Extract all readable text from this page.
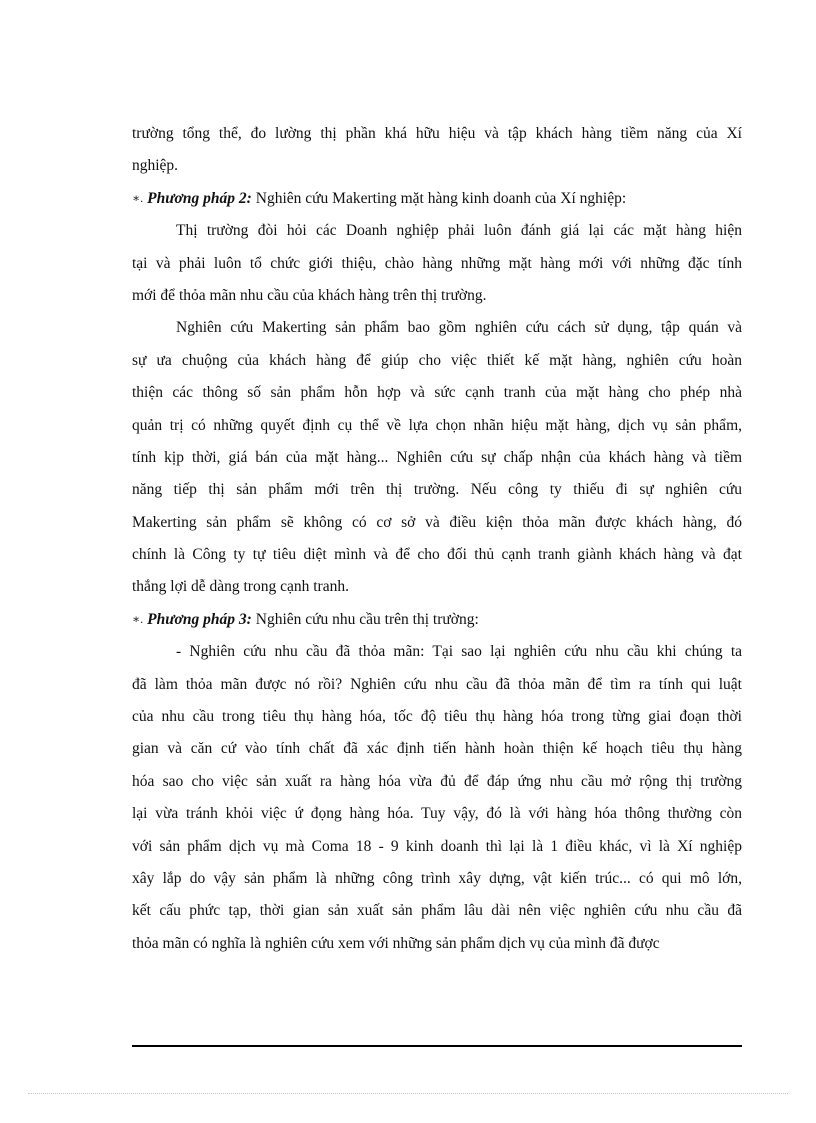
trường tổng thể, đo lường thị phần khá hữu hiệu và tập khách hàng tiềm năng của Xí
nghiệp.
∗. Phương pháp 2: Nghiên cứu Makerting mặt hàng kinh doanh của Xí nghiệp:
Thị trường đòi hỏi các Doanh nghiệp phải luôn đánh giá lại các mặt hàng hiện
tại và phải luôn tổ chức giới thiệu, chào hàng những mặt hàng mới với những đặc tính
mới để thỏa mãn nhu cầu của khách hàng trên thị trường.
Nghiên cứu Makerting sản phẩm bao gồm nghiên cứu cách sử dụng, tập quán và
sự ưa chuộng của khách hàng để giúp cho việc thiết kế mặt hàng, nghiên cứu hoàn
thiện các thông số sản phẩm hỗn hợp và sức cạnh tranh của mặt hàng cho phép nhà
quản trị có những quyết định cụ thể về lựa chọn nhãn hiệu mặt hàng, dịch vụ sản phẩm,
tính kịp thời, giá bán của mặt hàng... Nghiên cứu sự chấp nhận của khách hàng và tiềm
năng tiếp thị sản phẩm mới trên thị trường. Nếu công ty thiếu đi sự nghiên cứu
Makerting sản phẩm sẽ không có cơ sở và điều kiện thỏa mãn được khách hàng, đó
chính là Công ty tự tiêu diệt mình và để cho đối thủ cạnh tranh giành khách hàng và đạt
thắng lợi dễ dàng trong cạnh tranh.
∗. Phương pháp 3: Nghiên cứu nhu cầu trên thị trường:
- Nghiên cứu nhu cầu đã thỏa mãn: Tại sao lại nghiên cứu nhu cầu khi chúng ta
đã làm thỏa mãn được nó rồi? Nghiên cứu nhu cầu đã thỏa mãn để tìm ra tính qui luật
của nhu cầu trong tiêu thụ hàng hóa, tốc độ tiêu thụ hàng hóa trong từng giai đoạn thời
gian và căn cứ vào tính chất đã xác định tiến hành hoàn thiện kế hoạch tiêu thụ hàng
hóa sao cho việc sản xuất ra hàng hóa vừa đủ để đáp ứng nhu cầu mở rộng thị trường
lại vừa tránh khỏi việc ứ đọng hàng hóa. Tuy vậy, đó là với hàng hóa thông thường còn
với sản phẩm dịch vụ mà Coma 18 - 9 kinh doanh thì lại là 1 điều khác, vì là Xí nghiệp
xây lắp do vậy sản phẩm là những công trình xây dựng, vật kiến trúc... có qui mô lớn,
kết cấu phức tạp, thời gian sản xuất sản phẩm lâu dài nên việc nghiên cứu nhu cầu đã
thỏa mãn có nghĩa là nghiên cứu xem với những sản phẩm dịch vụ của mình đã được
